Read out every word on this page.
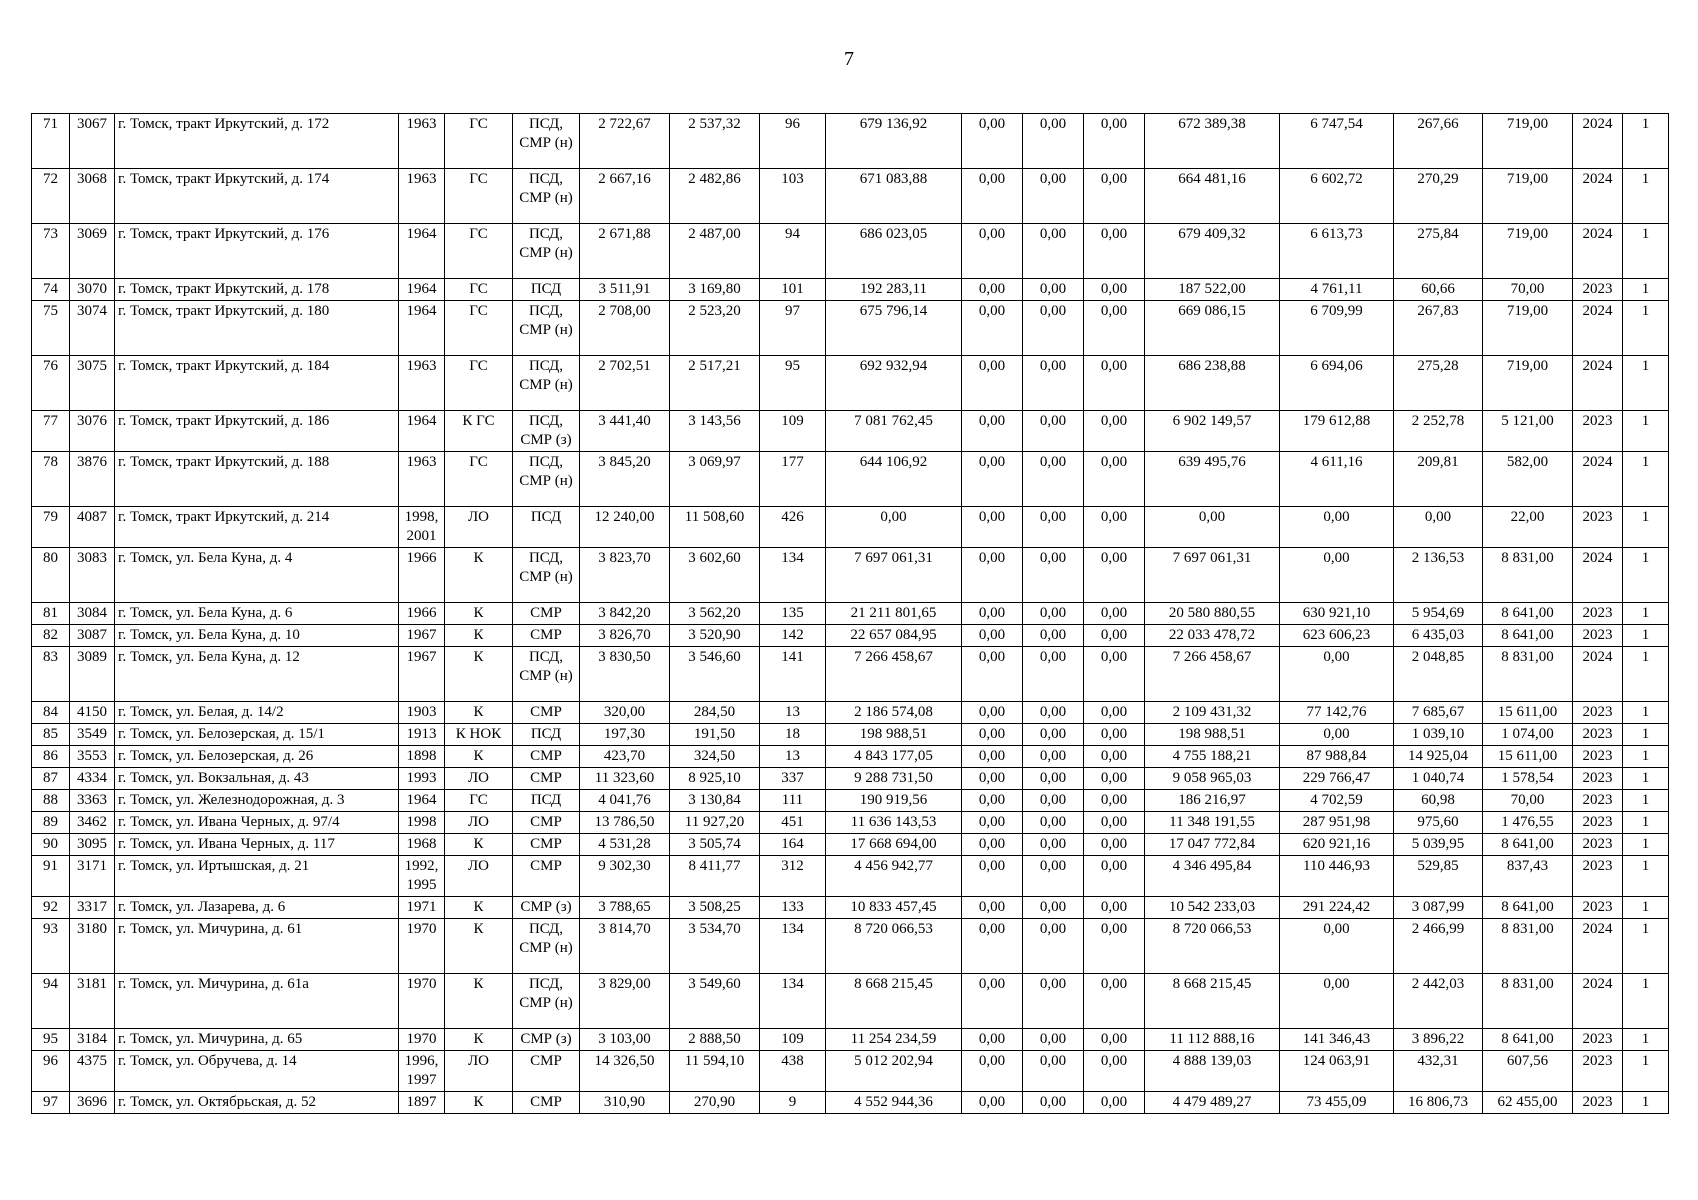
7
71	3067	г. Томск, тракт Иркутский, д. 172	1963	ГС	ПСД, СМР (н)	2 722,67	2 537,32	96	679 136,92	0,00	0,00	0,00	672 389,38	6 747,54	267,66	719,00	2024	1
72	3068	г. Томск, тракт Иркутский, д. 174	1963	ГС	ПСД, СМР (н)	2 667,16	2 482,86	103	671 083,88	0,00	0,00	0,00	664 481,16	6 602,72	270,29	719,00	2024	1
73	3069	г. Томск, тракт Иркутский, д. 176	1964	ГС	ПСД, СМР (н)	2 671,88	2 487,00	94	686 023,05	0,00	0,00	0,00	679 409,32	6 613,73	275,84	719,00	2024	1
74	3070	г. Томск, тракт Иркутский, д. 178	1964	ГС	ПСД	3 511,91	3 169,80	101	192 283,11	0,00	0,00	0,00	187 522,00	4 761,11	60,66	70,00	2023	1
75	3074	г. Томск, тракт Иркутский, д. 180	1964	ГС	ПСД, СМР (н)	2 708,00	2 523,20	97	675 796,14	0,00	0,00	0,00	669 086,15	6 709,99	267,83	719,00	2024	1
76	3075	г. Томск, тракт Иркутский, д. 184	1963	ГС	ПСД, СМР (н)	2 702,51	2 517,21	95	692 932,94	0,00	0,00	0,00	686 238,88	6 694,06	275,28	719,00	2024	1
77	3076	г. Томск, тракт Иркутский, д. 186	1964	К ГС	ПСД, СМР (з)	3 441,40	3 143,56	109	7 081 762,45	0,00	0,00	0,00	6 902 149,57	179 612,88	2 252,78	5 121,00	2023	1
78	3876	г. Томск, тракт Иркутский, д. 188	1963	ГС	ПСД, СМР (н)	3 845,20	3 069,97	177	644 106,92	0,00	0,00	0,00	639 495,76	4 611,16	209,81	582,00	2024	1
79	4087	г. Томск, тракт Иркутский, д. 214	1998, 2001	ЛО	ПСД	12 240,00	11 508,60	426	0,00	0,00	0,00	0,00	0,00	0,00	0,00	22,00	2023	1
80	3083	г. Томск, ул. Бела Куна, д. 4	1966	К	ПСД, СМР (н)	3 823,70	3 602,60	134	7 697 061,31	0,00	0,00	0,00	7 697 061,31	0,00	2 136,53	8 831,00	2024	1
81	3084	г. Томск, ул. Бела Куна, д. 6	1966	К	СМР	3 842,20	3 562,20	135	21 211 801,65	0,00	0,00	0,00	20 580 880,55	630 921,10	5 954,69	8 641,00	2023	1
82	3087	г. Томск, ул. Бела Куна, д. 10	1967	К	СМР	3 826,70	3 520,90	142	22 657 084,95	0,00	0,00	0,00	22 033 478,72	623 606,23	6 435,03	8 641,00	2023	1
83	3089	г. Томск, ул. Бела Куна, д. 12	1967	К	ПСД, СМР (н)	3 830,50	3 546,60	141	7 266 458,67	0,00	0,00	0,00	7 266 458,67	0,00	2 048,85	8 831,00	2024	1
84	4150	г. Томск, ул. Белая, д. 14/2	1903	К	СМР	320,00	284,50	13	2 186 574,08	0,00	0,00	0,00	2 109 431,32	77 142,76	7 685,67	15 611,00	2023	1
85	3549	г. Томск, ул. Белозерская, д. 15/1	1913	К НОК	ПСД	197,30	191,50	18	198 988,51	0,00	0,00	0,00	198 988,51	0,00	1 039,10	1 074,00	2023	1
86	3553	г. Томск, ул. Белозерская, д. 26	1898	К	СМР	423,70	324,50	13	4 843 177,05	0,00	0,00	0,00	4 755 188,21	87 988,84	14 925,04	15 611,00	2023	1
87	4334	г. Томск, ул. Вокзальная, д. 43	1993	ЛО	СМР	11 323,60	8 925,10	337	9 288 731,50	0,00	0,00	0,00	9 058 965,03	229 766,47	1 040,74	1 578,54	2023	1
88	3363	г. Томск, ул. Железнодорожная, д. 3	1964	ГС	ПСД	4 041,76	3 130,84	111	190 919,56	0,00	0,00	0,00	186 216,97	4 702,59	60,98	70,00	2023	1
89	3462	г. Томск, ул. Ивана Черных, д. 97/4	1998	ЛО	СМР	13 786,50	11 927,20	451	11 636 143,53	0,00	0,00	0,00	11 348 191,55	287 951,98	975,60	1 476,55	2023	1
90	3095	г. Томск, ул. Ивана Черных, д. 117	1968	К	СМР	4 531,28	3 505,74	164	17 668 694,00	0,00	0,00	0,00	17 047 772,84	620 921,16	5 039,95	8 641,00	2023	1
91	3171	г. Томск, ул. Иртышская, д. 21	1992, 1995	ЛО	СМР	9 302,30	8 411,77	312	4 456 942,77	0,00	0,00	0,00	4 346 495,84	110 446,93	529,85	837,43	2023	1
92	3317	г. Томск, ул. Лазарева, д. 6	1971	К	СМР (з)	3 788,65	3 508,25	133	10 833 457,45	0,00	0,00	0,00	10 542 233,03	291 224,42	3 087,99	8 641,00	2023	1
93	3180	г. Томск, ул. Мичурина, д. 61	1970	К	ПСД, СМР (н)	3 814,70	3 534,70	134	8 720 066,53	0,00	0,00	0,00	8 720 066,53	0,00	2 466,99	8 831,00	2024	1
94	3181	г. Томск, ул. Мичурина, д. 61а	1970	К	ПСД, СМР (н)	3 829,00	3 549,60	134	8 668 215,45	0,00	0,00	0,00	8 668 215,45	0,00	2 442,03	8 831,00	2024	1
95	3184	г. Томск, ул. Мичурина, д. 65	1970	К	СМР (з)	3 103,00	2 888,50	109	11 254 234,59	0,00	0,00	0,00	11 112 888,16	141 346,43	3 896,22	8 641,00	2023	1
96	4375	г. Томск, ул. Обручева, д. 14	1996, 1997	ЛО	СМР	14 326,50	11 594,10	438	5 012 202,94	0,00	0,00	0,00	4 888 139,03	124 063,91	432,31	607,56	2023	1
97	3696	г. Томск, ул. Октябрьская, д. 52	1897	К	СМР	310,90	270,90	9	4 552 944,36	0,00	0,00	0,00	4 479 489,27	73 455,09	16 806,73	62 455,00	2023	1
